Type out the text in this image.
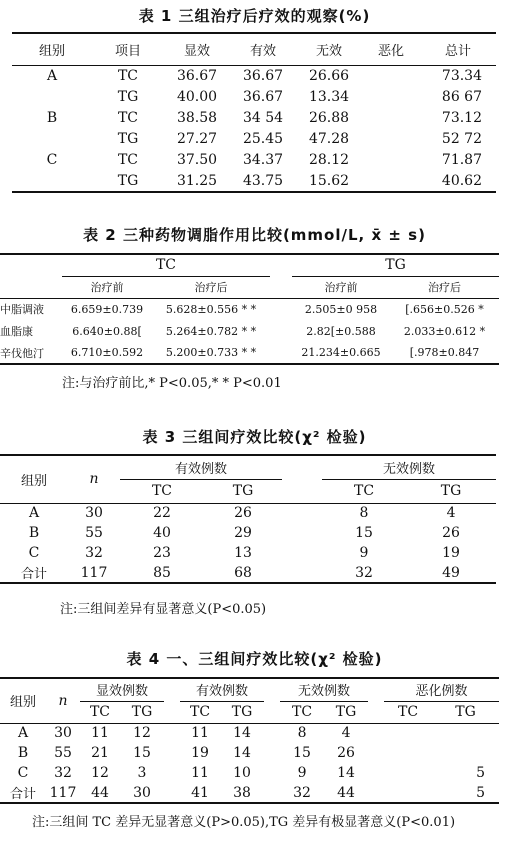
表 1 三组治疗后疗效的观察(%)
组别	项目	显效	有效	无效	恶化	总计
A	TC	36.67	36.67	26.66		73.34
	TG	40.00	36.67	13.34		86 67
B	TC	38.58	34 54	26.88		73.12
	TG	27.27	25.45	47.28		52 72
C	TC	37.50	34.37	28.12		71.87
	TG	31.25	43.75	15.62		40.62
表 2 三种药物调脂作用比较(mmol/L, x̄ ± s)
	TC			TG	
	治疗前	治疗后		治疗前	治疗后
中脂调液	6.659±0.739	5.628±0.556 * *		2.505±0 958	[.656±0.526 *
血脂康	6.640±0.88[	5.264±0.782 * *		2.82[±0.588	2.033±0.612 *
辛伐他汀	6.710±0.592	5.200±0.733 * *		21.234±0.665	[.978±0.847
注:与治疗前比,* P<0.05,* * P<0.01
表 3 三组间疗效比较(χ² 检验)
组别	n	有效例数			无效例数	
		TC	TG		TC	TG
A	30	22	26		8	4
B	55	40	29		15	26
C	32	23	13		9	19
合计	117	85	68		32	49
注:三组间差异有显著意义(P<0.05)
表 4 一、三组间疗效比较(χ² 检验)
组别	n	显效例数			有效例数			无效例数			恶化例数	
		TC	TG		TC	TG		TC	TG		TC	TG
A	30	11	12		11	14		8	4			
B	55	21	15		19	14		15	26			
C	32	12	3		11	10		9	14			5
合计	117	44	30		41	38		32	44			5
注:三组间 TC 差异无显著意义(P>0.05),TG 差异有极显著意义(P<0.01)
